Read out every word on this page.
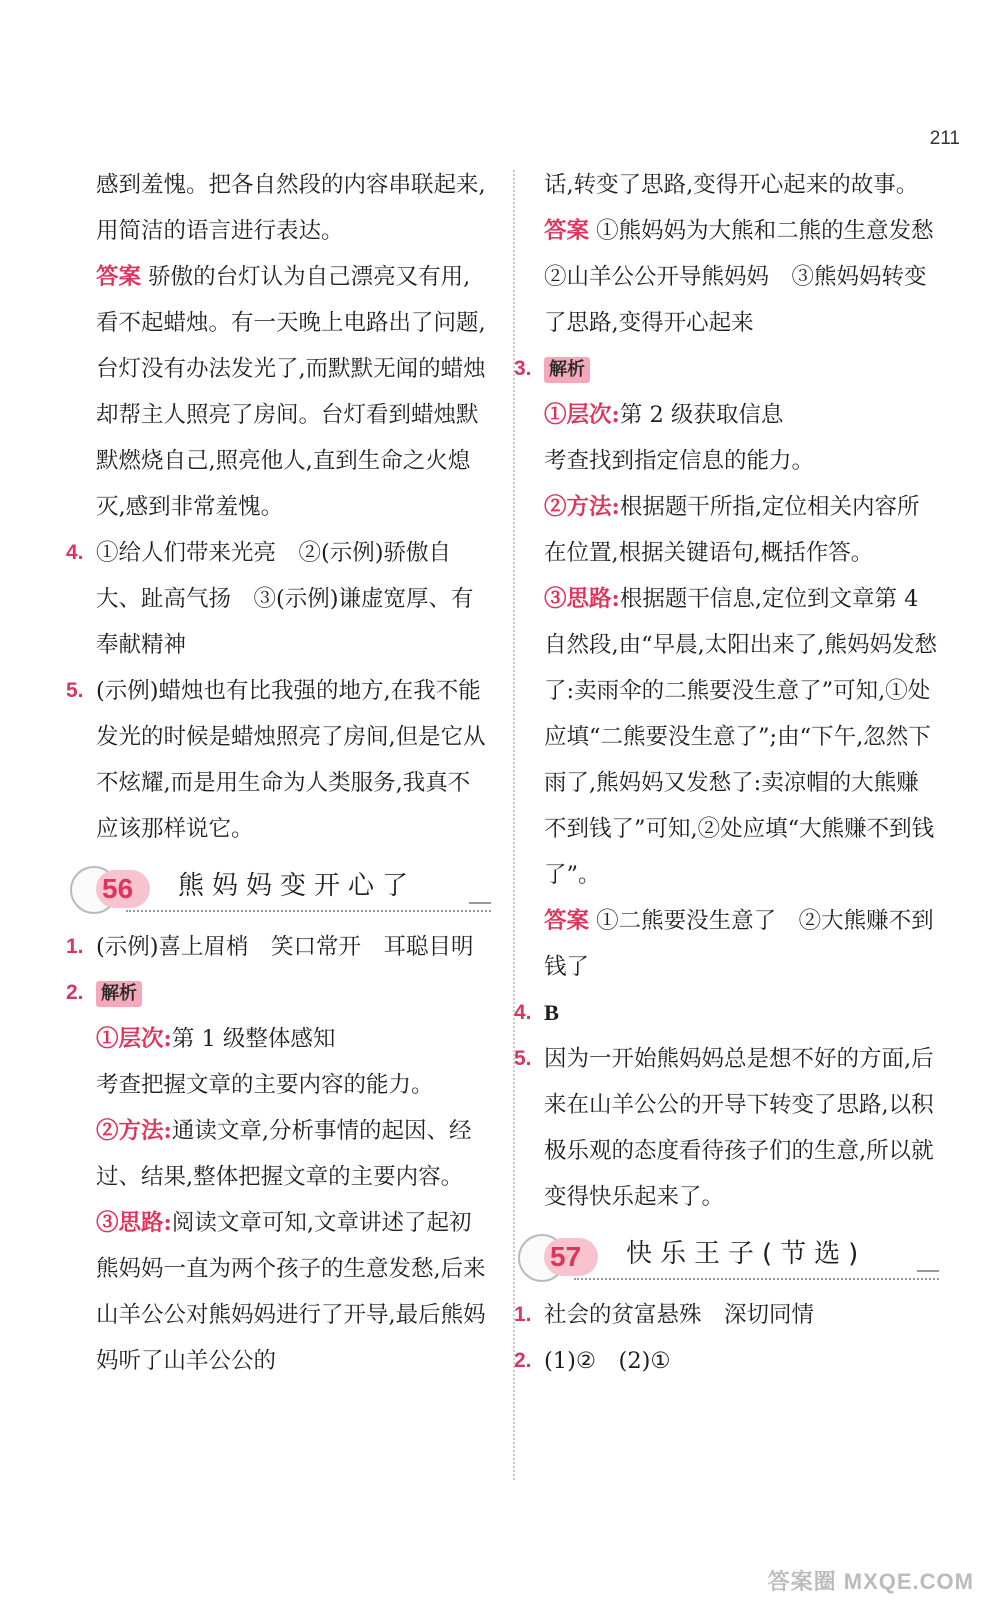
211

感到羞愧。把各自然段的内容串联起来,用简洁的语言进行表达。

答案 骄傲的台灯认为自己漂亮又有用,看不起蜡烛。有一天晚上电路出了问题,台灯没有办法发光了,而默默无闻的蜡烛却帮主人照亮了房间。台灯看到蜡烛默默燃烧自己,照亮他人,直到生命之火熄灭,感到非常羞愧。

4. ①给人们带来光亮　②(示例)骄傲自大、趾高气扬　③(示例)谦虚宽厚、有奉献精神

5. (示例)蜡烛也有比我强的地方,在我不能发光的时候是蜡烛照亮了房间,但是它从不炫耀,而是用生命为人类服务,我真不应该那样说它。

56 熊妈妈变开心了
1. (示例)喜上眉梢　笑口常开　耳聪目明

2. 解析

①层次:第 1 级整体感知

考查把握文章的主要内容的能力。

②方法:通读文章,分析事情的起因、经过、结果,整体把握文章的主要内容。

③思路:阅读文章可知,文章讲述了起初熊妈妈一直为两个孩子的生意发愁,后来山羊公公对熊妈妈进行了开导,最后熊妈妈听了山羊公公的

话,转变了思路,变得开心起来的故事。

答案 ①熊妈妈为大熊和二熊的生意发愁　②山羊公公开导熊妈妈　③熊妈妈转变了思路,变得开心起来

3. 解析

①层次:第 2 级获取信息

考查找到指定信息的能力。

②方法:根据题干所指,定位相关内容所在位置,根据关键语句,概括作答。

③思路:根据题干信息,定位到文章第 4 自然段,由“早晨,太阳出来了,熊妈妈发愁了:卖雨伞的二熊要没生意了”可知,①处应填“二熊要没生意了”;由“下午,忽然下雨了,熊妈妈又发愁了:卖凉帽的大熊赚不到钱了”可知,②处应填“大熊赚不到钱了”。

答案 ①二熊要没生意了　②大熊赚不到钱了

4. B

5. 因为一开始熊妈妈总是想不好的方面,后来在山羊公公的开导下转变了思路,以积极乐观的态度看待孩子们的生意,所以就变得快乐起来了。

57 快乐王子(节选)
1. 社会的贫富悬殊　深切同情

2. (1)②　(2)①

答案圈 MXQE.COM
